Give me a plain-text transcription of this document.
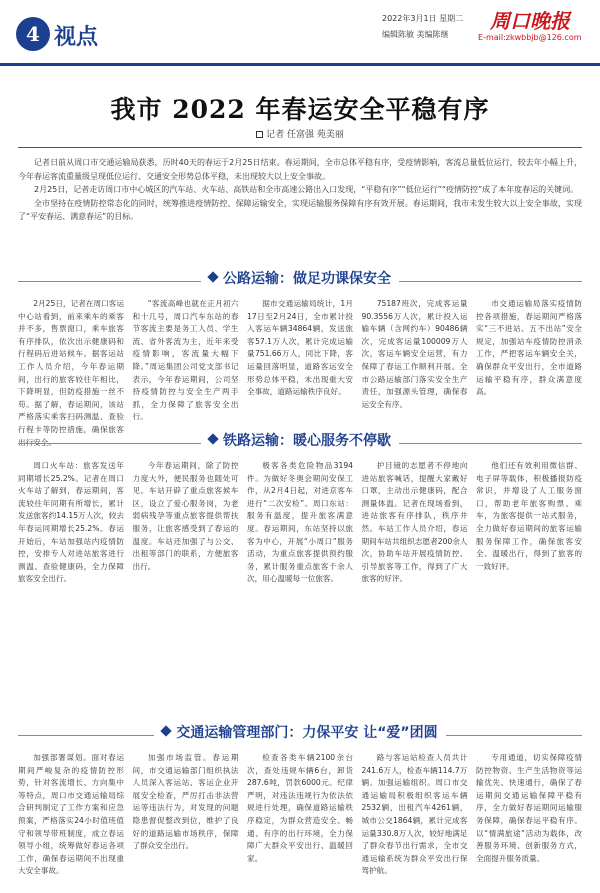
4 视点
2022年3月1日 星期二
编辑陈敏 美编陈继
周口晚报
E-mail:zkwbbjb@126.com
我市 2022 年春运安全平稳有序
记者 任富强 苑美丽

记者日前从周口市交通运输局获悉，历时40天的春运于2月25日结束。春运期间，全市总体平稳有序，受疫情影响，客流总量低位运行，较去年小幅上升，今年春运客流重量级呈现低位运行、交通安全形势总体平稳，未出现较大以上安全事故。

2月25日，记者走访周口市中心城区的汽车站、火车站、高铁站和全市高速公路出入口发现，“平稳有序”“低位运行”“疫情防控”成了本年度春运的关键词。

全市坚持在疫情防控常态化的同时，统筹推进疫情防控、保障运输安全，实现运输服务保障有序有效开展。春运期间，我市未发生较大以上安全事故，实现了“平安春运、满意春运”的目标。

公路运输：做足功课保安全

2月25日，记者在周口客运中心站看到，前来乘车的乘客并不多，售票窗口，乘车旅客有序排队，依次出示健康码和行程码后进站候车。据客运站工作人员介绍，今年春运期间，出行的旅客较往年相比，下降明显，但防疫措施一丝不苟。据了解，春运期间，该站严格落实乘客扫码测温、查验行程卡等防控措施，确保旅客

“客流高峰也就在正月初六和十几号，周口汽车东站的春节客流主要是务工人员、学生流、省外客流为主，近年来受疫情影响，客流量大幅下降。”周运集团公司党支部书记表示，今年春运期间，公司坚持疫情防控与安全生产两手抓，全力保障了旅客安全出行。

据市交通运输局统计，1月17日至2月24日，全市累计投入客运车辆34864辆，发送旅客57.1万人次，累计完成运输量751.66万人，同比下降，客运量回落明显，道路客运安全形势总体平稳，未出现重大安全事故，道路运输秩序良好。

75187班次，完成客运量90.3556万人次，累计投入运输车辆（含网约车）90486辆次，完成客运量100009万人次，客运车辆安全运营，有力保障了春运工作顺利开展。全市公路运输部门落实安全生产责任，加强源头管理，确保春运安全有序。

市交通运输局落实疫情防控各项措施，春运期间严格落实“三不进站、五不出站”安全规定，加强站车疫情防控消杀工作，严把客运车辆安全关，确保群众平安出行，全市道路运输平稳有序，群众满意度高。

铁路运输：暖心服务不停歇

周口火车站：旅客发送年同期增长25.2%。记者在周口火车站了解到，春运期间，客流较往年同期有所增长，累计发送旅客约14.15万人次，较去年春运同期增长25.2%。春运开始后，车站加强站内疫情防控，安排专人对进站旅客进行测温、查验健康码，全力保障旅客安全出行。

今年春运期间，除了防控力度大外，便民服务也随处可见。车站开辟了重点旅客候车区，设立了爱心服务岗，为老弱病残孕等重点旅客提供帮扶服务，让旅客感受到了春运的温度。车站还加强了与公交、出租等部门的联系，方便旅客出行。

极客各类危险物品3194件。为做好冬奥会期间安保工作，从2月4日起，对进京客车进行“二次安检”。周口东站：服务有温度，提升旅客满意度。春运期间，东站坚持以旅客为中心，开展“小周口”服务活动，为重点旅客提供预约服务，累计服务重点旅客千余人次，用心温暖每一位旅客。

护目镜的志愿者不停地向进站旅客喊话，提醒大家戴好口罩，主动出示健康码，配合测量体温。记者在现场看到，进站旅客有序排队，秩序井然。车站工作人员介绍，春运期间车站共组织志愿者200余人次，协助车站开展疫情防控、引导旅客等工作，得到了广大旅客的好评。

他们还有效利用微信群、电子屏等载体，积极播报防疫常识，并增设了人工服务窗口，帮助老年旅客购票、乘车，为旅客提供一站式服务，全力做好春运期间的旅客运输服务保障工作，确保旅客安全、温暖出行，得到了旅客的一致好评。

交通运输管理部门：力保平安 让“爱”团圆

加强部署谋划。面对春运期间严峻复杂的疫情防控形势，针对客流增长、方向集中等特点，周口市交通运输局综合研判制定了工作方案和应急预案，严格落实24小时值班值守和领导带班制度，成立春运领导小组，统筹做好春运各项工作，确保春运期间不出现重大安全事故。

加强市场监管。春运期间，市交通运输部门组织执法人员深入客运站、客运企业开展安全检查，严厉打击非法营运等违法行为，对发现的问题隐患督促整改到位，维护了良好的道路运输市场秩序，保障了群众安全出行。

检查各类车辆2100余台次，查处违规车辆6台，卸货287.6吨，罚款6000元。纪律严明，对违法违规行为依法依规进行处理，确保道路运输秩序稳定，为群众营造安全、畅通、有序的出行环境，全力保障广大群众平安出行、温暖回家。

路与客运站检查人员共计241.6万人，检查车辆114.7万辆。加强运输组织。周口市交通运输局积极组织客运车辆2532辆，出租汽车4261辆，城市公交1864辆，累计完成客运量330.8万人次，较好地满足了群众春节出行需求，全市交通运输系统为群众平安出行保驾护航。

专用通道，切实保障疫情防控物资、生产生活物资等运输优先、快速通行，确保了春运期间交通运输保障平稳有序，全力做好春运期间运输服务保障，确保春运平稳有序。以“情满旅途”活动为载体，改善服务环境、创新服务方式，全面提升服务质量。
